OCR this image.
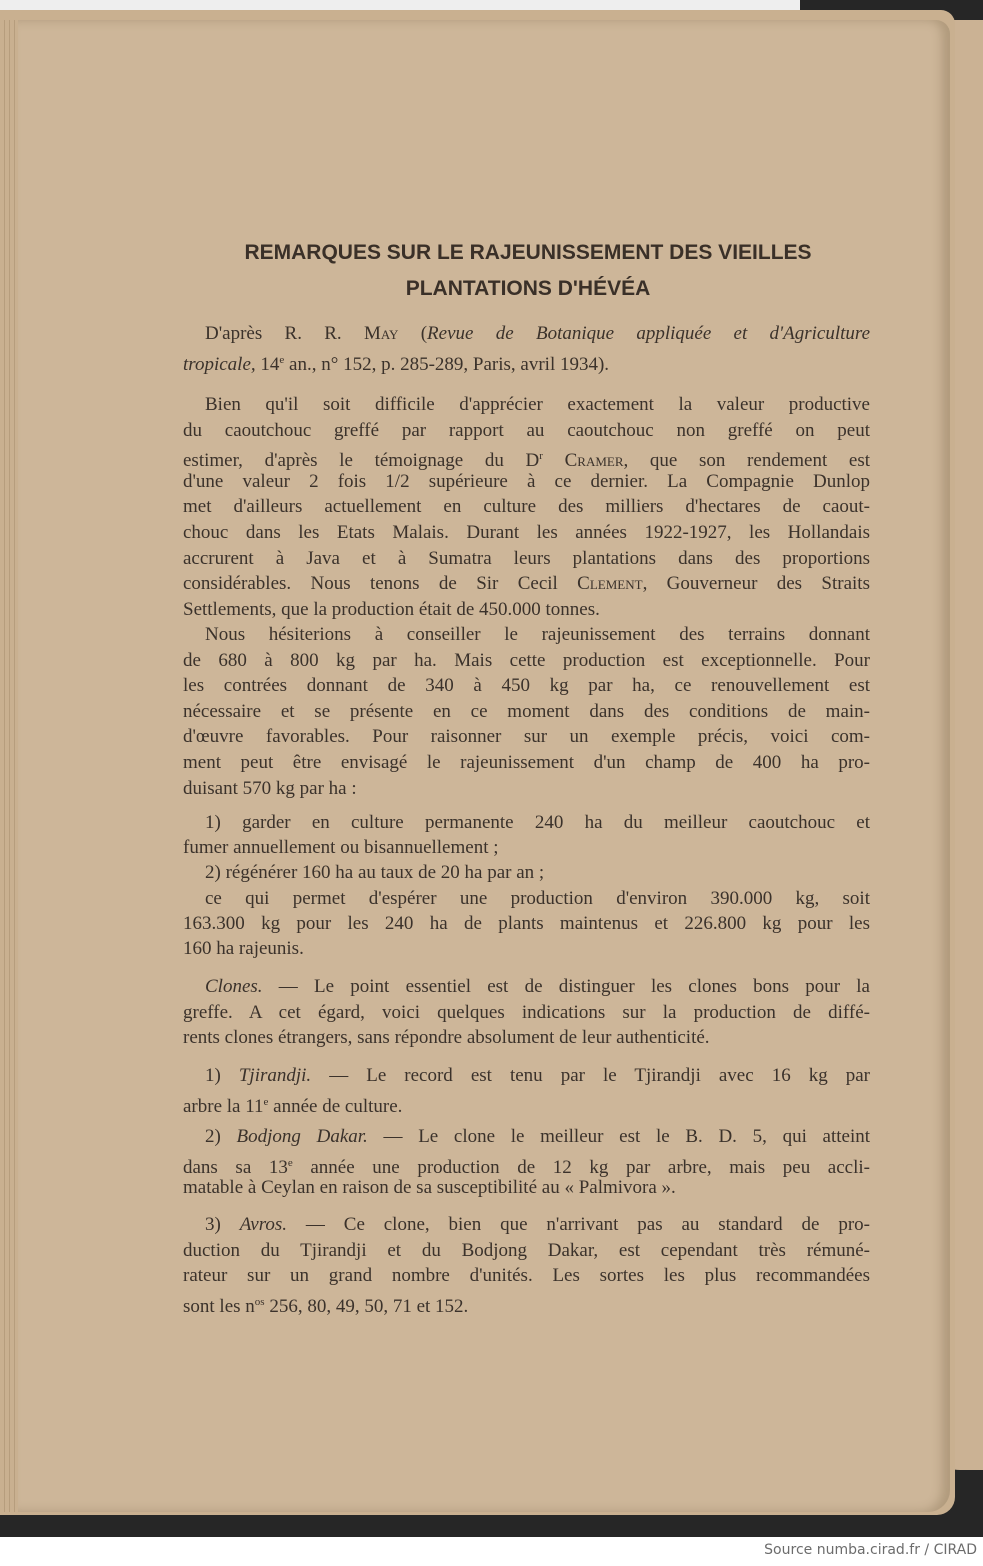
REMARQUES SUR LE RAJEUNISSEMENT DES VIEILLES
PLANTATIONS D'HÉVÉA
D'après R. R. May (Revue de Botanique appliquée et d'Agriculture
tropicale, 14e an., n° 152, p. 285-289, Paris, avril 1934).
Bien qu'il soit difficile d'apprécier exactement la valeur productive
du caoutchouc greffé par rapport au caoutchouc non greffé on peut
estimer, d'après le témoignage du $D^r$ Cramer, que son rendement est
d'une valeur 2 fois 1/2 supérieure à ce dernier. La Compagnie Dunlop
met d'ailleurs actuellement en culture des milliers d'hectares de caout-
chouc dans les Etats Malais. Durant les années 1922-1927, les Hollandais
accrurent à Java et à Sumatra leurs plantations dans des proportions
considérables. Nous tenons de Sir Cecil Clement, Gouverneur des Straits
Settlements, que la production était de 450.000 tonnes.
Nous hésiterions à conseiller le rajeunissement des terrains donnant
de 680 à 800 kg par ha. Mais cette production est exceptionnelle. Pour
les contrées donnant de 340 à 450 kg par ha, ce renouvellement est
nécessaire et se présente en ce moment dans des conditions de main-
d'œuvre favorables. Pour raisonner sur un exemple précis, voici com-
ment peut être envisagé le rajeunissement d'un champ de 400 ha pro-
duisant 570 kg par ha :
1) garder en culture permanente 240 ha du meilleur caoutchouc et
fumer annuellement ou bisannuellement ;
2) régénérer 160 ha au taux de 20 ha par an ;
ce qui permet d'espérer une production d'environ 390.000 kg, soit
163.300 kg pour les 240 ha de plants maintenus et 226.800 kg pour les
160 ha rajeunis.
Clones. — Le point essentiel est de distinguer les clones bons pour la
greffe. A cet égard, voici quelques indications sur la production de diffé-
rents clones étrangers, sans répondre absolument de leur authenticité.
1) Tjirandji. — Le record est tenu par le Tjirandji avec 16 kg par
arbre la 11e année de culture.
2) Bodjong Dakar. — Le clone le meilleur est le B. D. 5, qui atteint
dans sa 13e année une production de 12 kg par arbre, mais peu accli-
matable à Ceylan en raison de sa susceptibilité au « Palmivora ».
3) Avros. — Ce clone, bien que n'arrivant pas au standard de pro-
duction du Tjirandji et du Bodjong Dakar, est cependant très rémuné-
rateur sur un grand nombre d'unités. Les sortes les plus recommandées
sont les $n^{os}$ 256, 80, 49, 50, 71 et 152.
Source numba.cirad.fr / CIRAD
